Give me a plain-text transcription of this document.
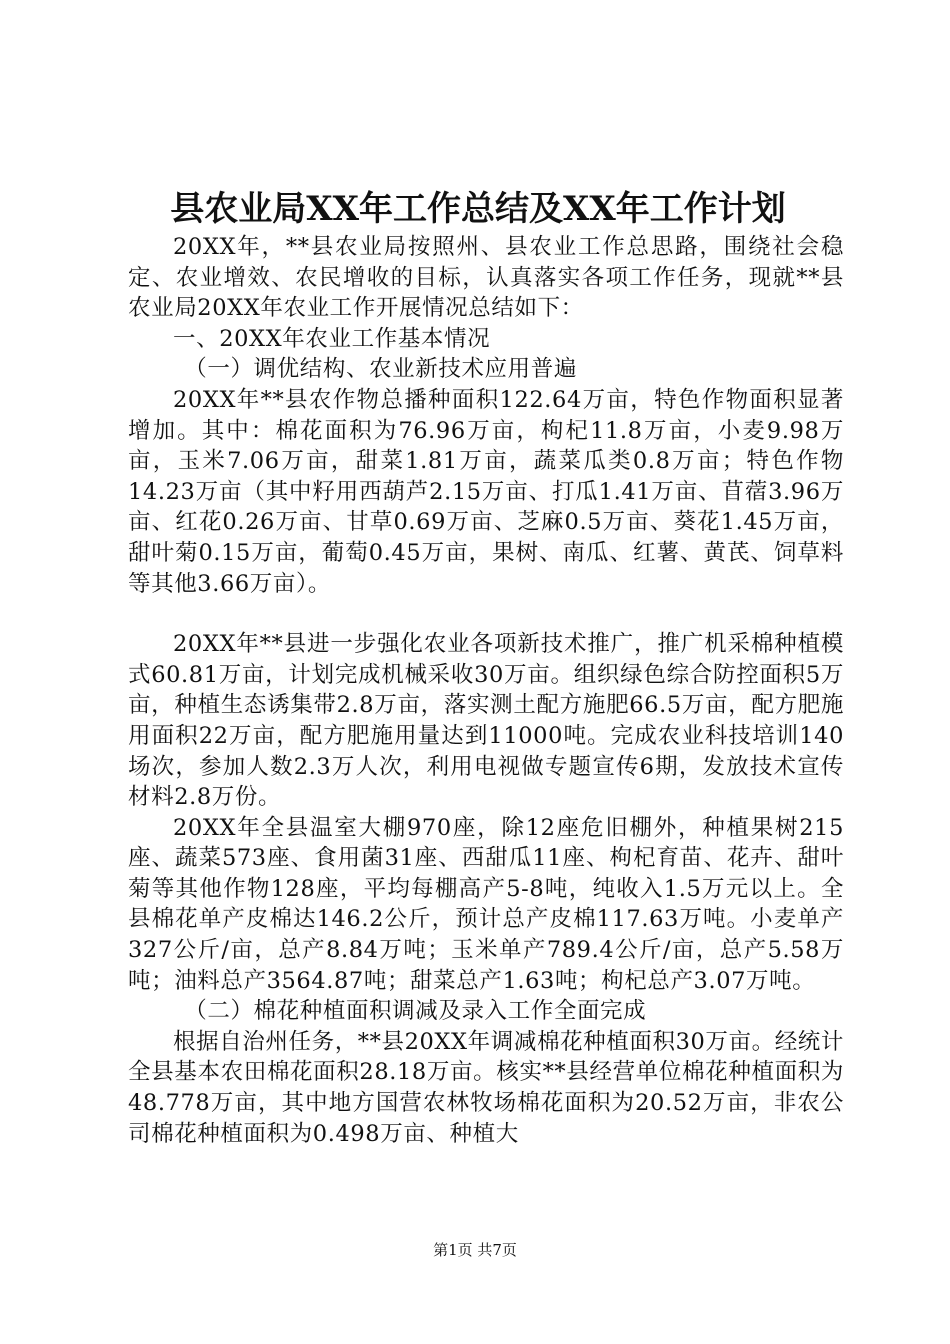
县农业局XX年工作总结及XX年工作计划

20XX年，**县农业局按照州、县农业工作总思路，围绕社会稳定、农业增效、农民增收的目标，认真落实各项工作任务，现就**县农业局20XX年农业工作开展情况总结如下：

一、20XX年农业工作基本情况

（一）调优结构、农业新技术应用普遍

20XX年**县农作物总播种面积122.64万亩，特色作物面积显著增加。其中：棉花面积为76.96万亩，枸杞11.8万亩，小麦9.98万亩，玉米7.06万亩，甜菜1.81万亩，蔬菜瓜类0.8万亩；特色作物14.23万亩（其中籽用西葫芦2.15万亩、打瓜1.41万亩、苜蓿3.96万亩、红花0.26万亩、甘草0.69万亩、芝麻0.5万亩、葵花1.45万亩，甜叶菊0.15万亩，葡萄0.45万亩，果树、南瓜、红薯、黄芪、饲草料等其他3.66万亩）。

20XX年**县进一步强化农业各项新技术推广，推广机采棉种植模式60.81万亩，计划完成机械采收30万亩。组织绿色综合防控面积5万亩，种植生态诱集带2.8万亩，落实测土配方施肥66.5万亩，配方肥施用面积22万亩，配方肥施用量达到11000吨。完成农业科技培训140场次，参加人数2.3万人次，利用电视做专题宣传6期，发放技术宣传材料2.8万份。

20XX年全县温室大棚970座，除12座危旧棚外，种植果树215座、蔬菜573座、食用菌31座、西甜瓜11座、枸杞育苗、花卉、甜叶菊等其他作物128座，平均每棚高产5-8吨，纯收入1.5万元以上。全县棉花单产皮棉达146.2公斤，预计总产皮棉117.63万吨。小麦单产327公斤/亩，总产8.84万吨；玉米单产789.4公斤/亩，总产5.58万吨；油料总产3564.87吨；甜菜总产1.63吨；枸杞总产3.07万吨。

（二）棉花种植面积调减及录入工作全面完成

根据自治州任务，**县20XX年调减棉花种植面积30万亩。经统计全县基本农田棉花面积28.18万亩。核实**县经营单位棉花种植面积为48.778万亩，其中地方国营农林牧场棉花面积为20.52万亩，非农公司棉花种植面积为0.498万亩、种植大

第1页 共7页
